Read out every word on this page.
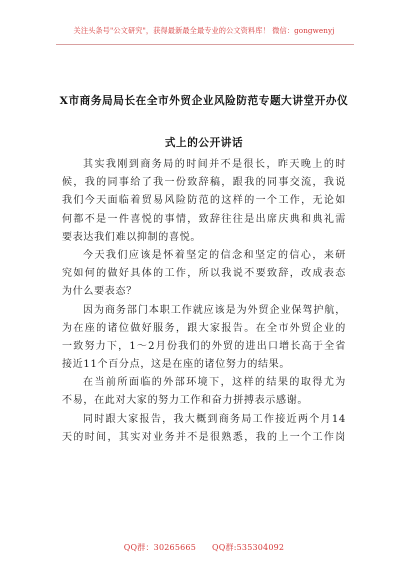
关注头条号"公文研究"，获得最新最全最专业的公文资料库！ 微信：gongwenyj
X市商务局局长在全市外贸企业风险防范专题大讲堂开办仪
式上的公开讲话
其实我刚到商务局的时间并不是很长，昨天晚上的时
候，我的同事给了我一份致辞稿，跟我的同事交流，我说
我们今天面临着贸易风险防范的这样的一个工作，无论如
何都不是一件喜悦的事情，致辞往往是出席庆典和典礼需
要表达我们难以抑制的喜悦。
今天我们应该是怀着坚定的信念和坚定的信心，来研
究如何的做好具体的工作，所以我说不要致辞，改成表态
为什么要表态？
因为商务部门本职工作就应该是为外贸企业保驾护航，
为在座的诸位做好服务，跟大家报告。在全市外贸企业的
一致努力下，1～2月份我们的外贸的进出口增长高于全省
接近11个百分点，这是在座的诸位努力的结果。
在当前所面临的外部环境下，这样的结果的取得尤为
不易，在此对大家的努力工作和奋力拼搏表示感谢。
同时跟大家报告，我大概到商务局工作接近两个月14
天的时间，其实对业务并不是很熟悉，我的上一个工作岗
QQ群：30265665 QQ群:535304092
